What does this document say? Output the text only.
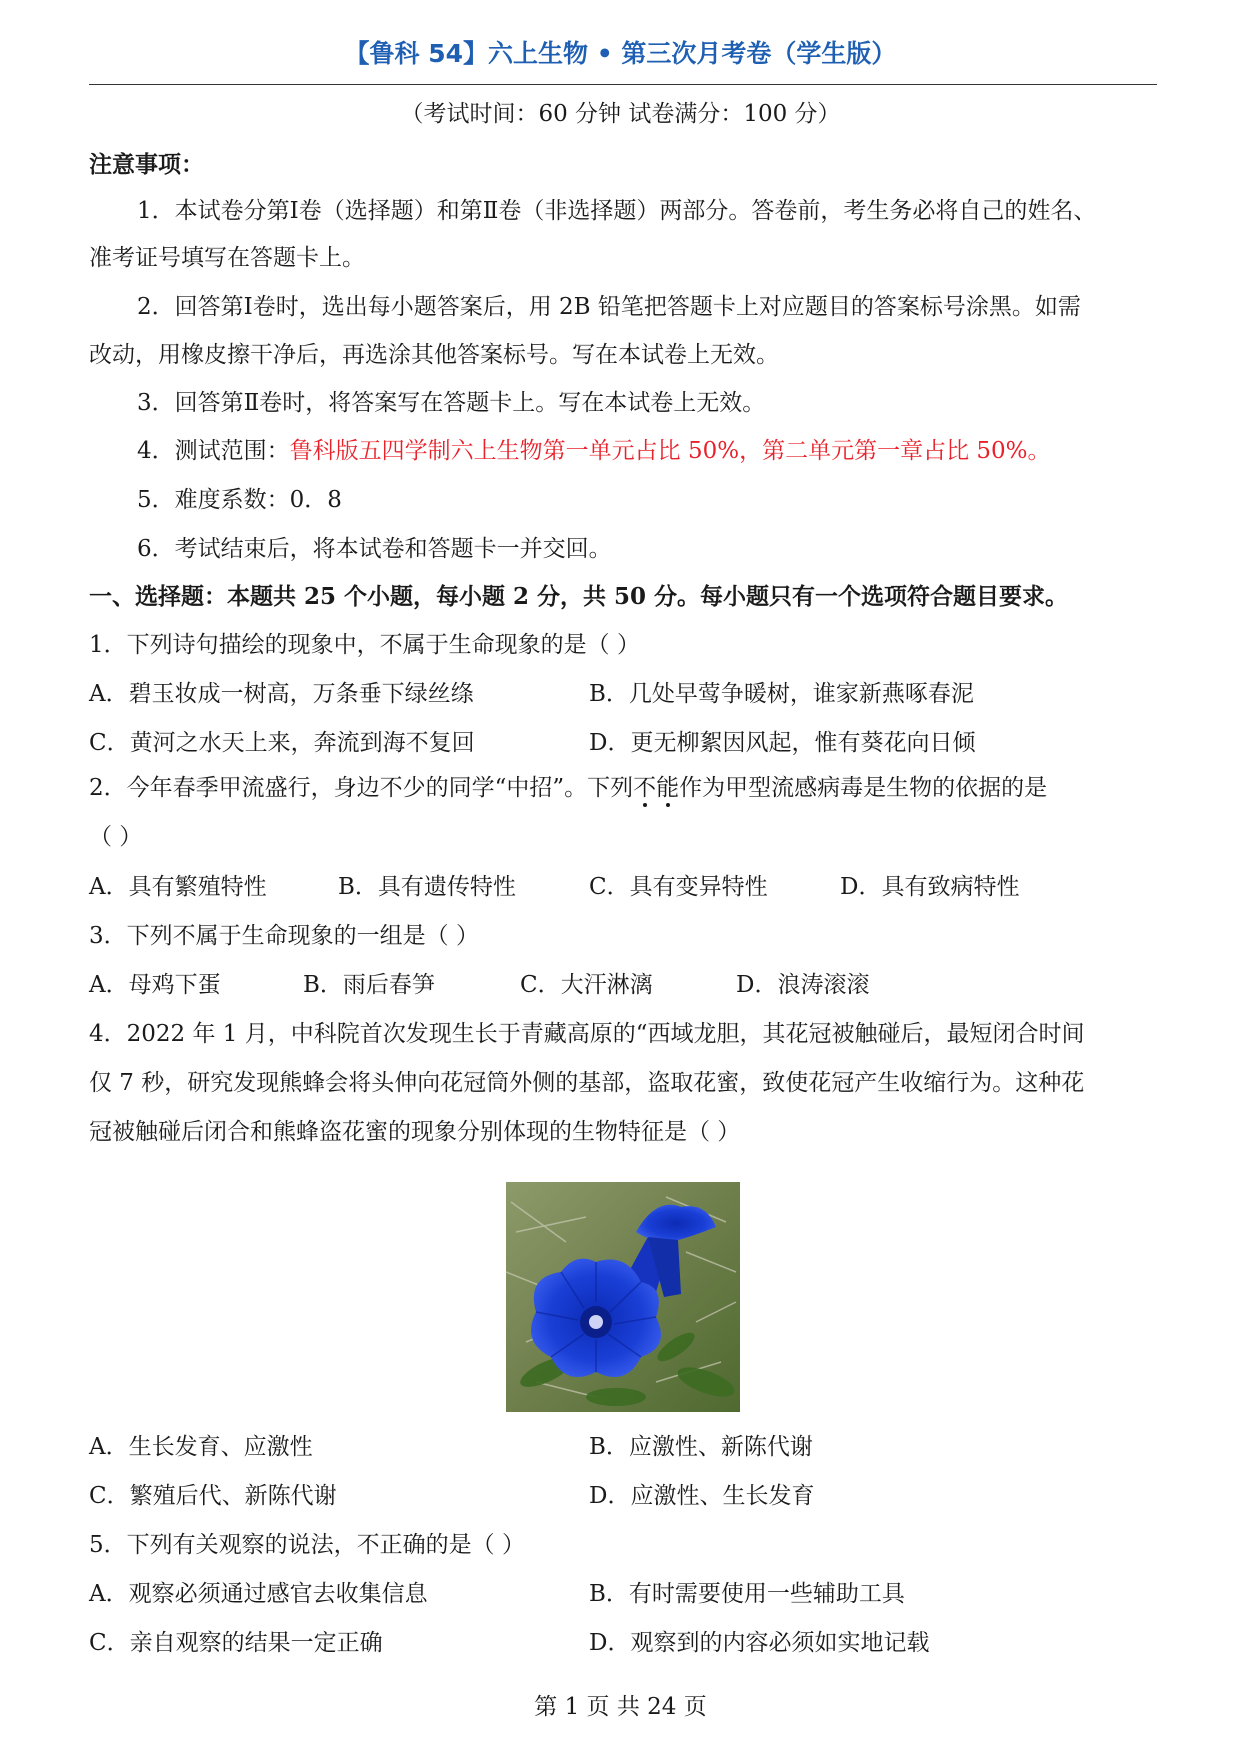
【鲁科 54】六上生物 • 第三次月考卷（学生版）
（考试时间：60 分钟 试卷满分：100 分）
注意事项：
1．本试卷分第Ⅰ卷（选择题）和第Ⅱ卷（非选择题）两部分。答卷前，考生务必将自己的姓名、
准考证号填写在答题卡上。
2．回答第Ⅰ卷时，选出每小题答案后，用 2B 铅笔把答题卡上对应题目的答案标号涂黑。如需
改动，用橡皮擦干净后，再选涂其他答案标号。写在本试卷上无效。
3．回答第Ⅱ卷时，将答案写在答题卡上。写在本试卷上无效。
4．测试范围：鲁科版五四学制六上生物第一单元占比 50%，第二单元第一章占比 50%。
5．难度系数：0．8
6．考试结束后，将本试卷和答题卡一并交回。
一、选择题：本题共 25 个小题，每小题 2 分，共 50 分。每小题只有一个选项符合题目要求。
1．下列诗句描绘的现象中，不属于生命现象的是（ ）
A．碧玉妆成一树高，万条垂下绿丝绦	B．几处早莺争暖树，谁家新燕啄春泥
C．黄河之水天上来，奔流到海不复回	D．更无柳絮因风起，惟有葵花向日倾
2．今年春季甲流盛行，身边不少的同学“中招”。下列不能作为甲型流感病毒是生物的依据的是
（ ）
A．具有繁殖特性	B．具有遗传特性	C．具有变异特性	D．具有致病特性
3．下列不属于生命现象的一组是（ ）
A．母鸡下蛋	B．雨后春笋	C．大汗淋漓	D．浪涛滚滚
4．2022 年 1 月，中科院首次发现生长于青藏高原的“西域龙胆，其花冠被触碰后，最短闭合时间
仅 7 秒，研究发现熊蜂会将头伸向花冠筒外侧的基部，盗取花蜜，致使花冠产生收缩行为。这种花
冠被触碰后闭合和熊蜂盗花蜜的现象分别体现的生物特征是（ ）
A．生长发育、应激性	B．应激性、新陈代谢
C．繁殖后代、新陈代谢	D．应激性、生长发育
5．下列有关观察的说法，不正确的是（ ）
A．观察必须通过感官去收集信息	B．有时需要使用一些辅助工具
C．亲自观察的结果一定正确	D．观察到的内容必须如实地记载
第 1 页 共 24 页
